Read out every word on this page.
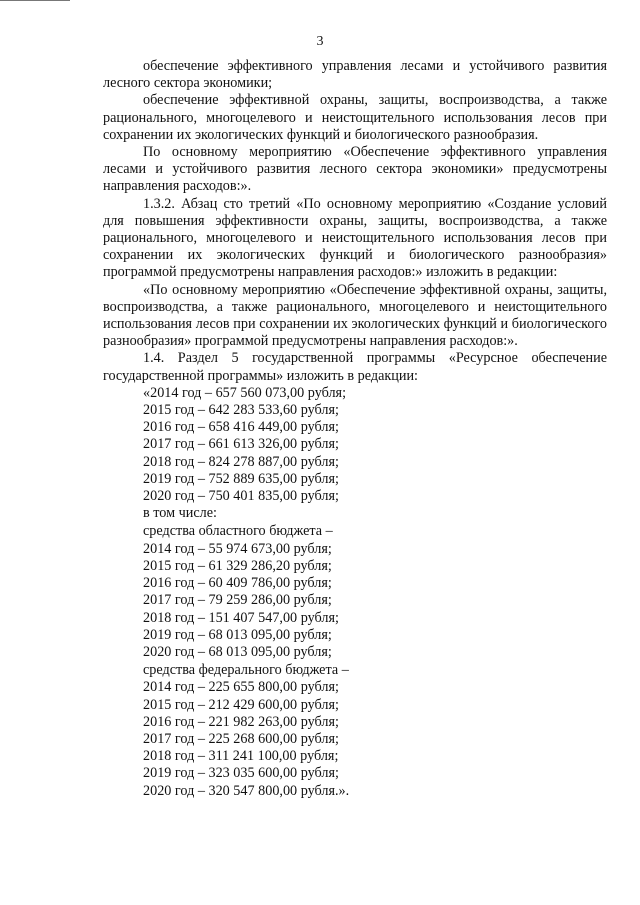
3

обеспечение эффективного управления лесами и устойчивого развития лесного сектора экономики;

обеспечение эффективной охраны, защиты, воспроизводства, а также рационального, многоцелевого и неистощительного использования лесов при сохранении их экологических функций и биологического разнообразия.

По основному мероприятию «Обеспечение эффективного управления лесами и устойчивого развития лесного сектора экономики» предусмотрены направления расходов:».

1.3.2. Абзац сто третий «По основному мероприятию «Создание условий для повышения эффективности охраны, защиты, воспроизводства, а также рационального, многоцелевого и неистощительного использования лесов при сохранении их экологических функций и биологического разнообразия» программой предусмотрены направления расходов:» изложить в редакции:

«По основному мероприятию «Обеспечение эффективной охраны, защиты, воспроизводства, а также рационального, многоцелевого и неистощительного использования лесов при сохранении их экологических функций и биологического разнообразия» программой предусмотрены направления расходов:».

1.4. Раздел 5 государственной программы «Ресурсное обеспечение государственной программы» изложить в редакции:

«2014 год – 657 560 073,00 рубля;
2015 год – 642 283 533,60 рубля;
2016 год – 658 416 449,00 рубля;
2017 год – 661 613 326,00 рубля;
2018 год – 824 278 887,00 рубля;
2019 год – 752 889 635,00 рубля;
2020 год – 750 401 835,00 рубля;
в том числе:
средства областного бюджета –
2014 год – 55 974 673,00 рубля;
2015 год – 61 329 286,20 рубля;
2016 год – 60 409 786,00 рубля;
2017 год – 79 259 286,00 рубля;
2018 год – 151 407 547,00 рубля;
2019 год – 68 013 095,00 рубля;
2020 год – 68 013 095,00 рубля;
средства федерального бюджета –
2014 год – 225 655 800,00 рубля;
2015 год – 212 429 600,00 рубля;
2016 год – 221 982 263,00 рубля;
2017 год – 225 268 600,00 рубля;
2018 год – 311 241 100,00 рубля;
2019 год – 323 035 600,00 рубля;
2020 год – 320 547 800,00 рубля.».
